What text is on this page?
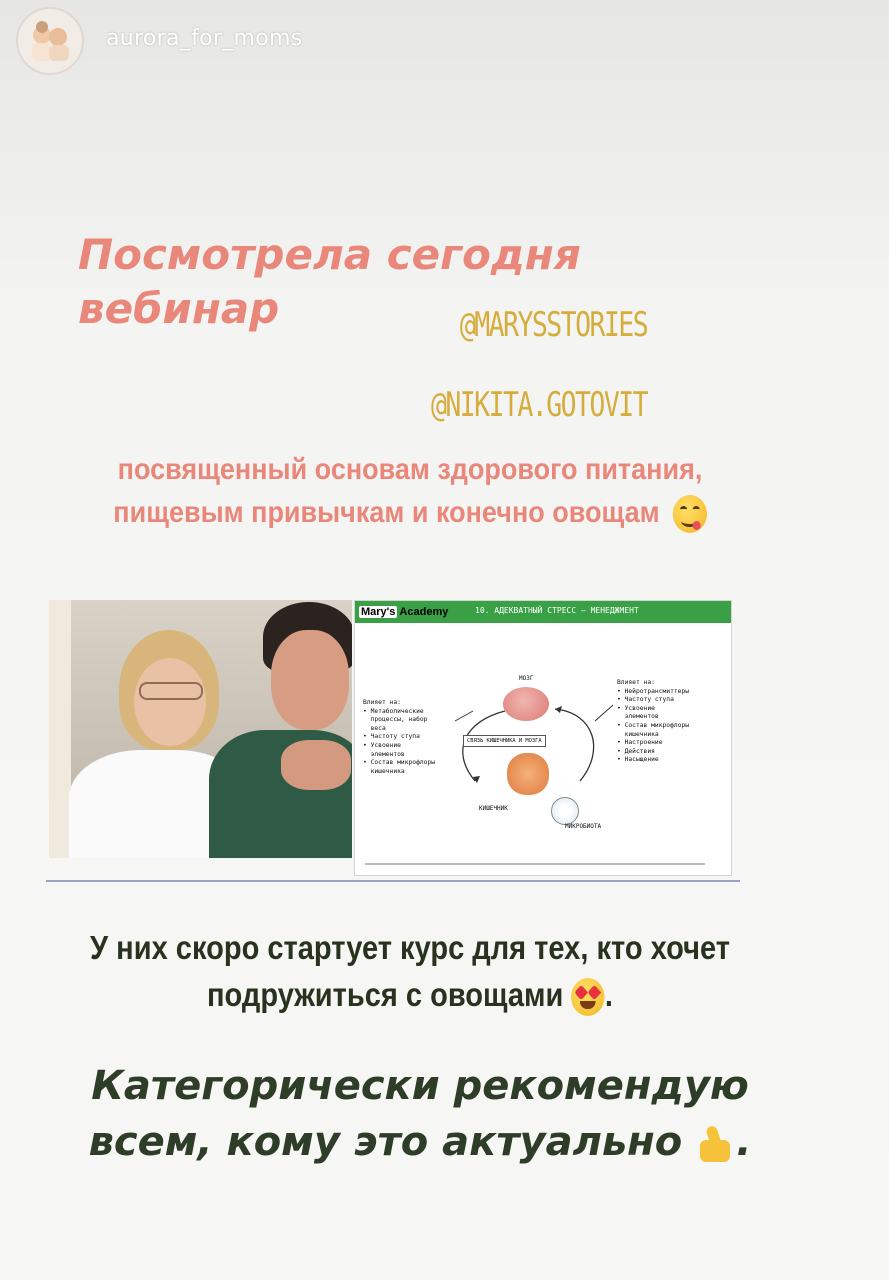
aurora_for_moms
Посмотрела сегодня вебинар	@MARYSSTORIES
@NIKITA.GOTOVIT
посвященный основам здорового питания, пищевым привычкам и конечно овощам
Mary's Academy	10. АДЕКВАТНЫЙ СТРЕСС – МЕНЕДЖМЕНТ
МОЗГ
СВЯЗЬ КИШЕЧНИКА И МОЗГА
КИШЕЧНИК
МИКРОБИОТА
Влияет на:
• Метаболические
процессы, набор
веса
• Частоту ступа
• Усвоение
элементов
• Состав микрофлоры
кишечника
Влияет на:
• Нейротрансмиттеры
• Частоту ступа
• Усвоение
элементов
• Состав микрофлоры
кишечника
• Настроение
• Действия
• Насыщение
У них скоро стартует курс для тех, кто хочет подружиться с овощами .
Категорически рекомендую всем, кому это актуально .
